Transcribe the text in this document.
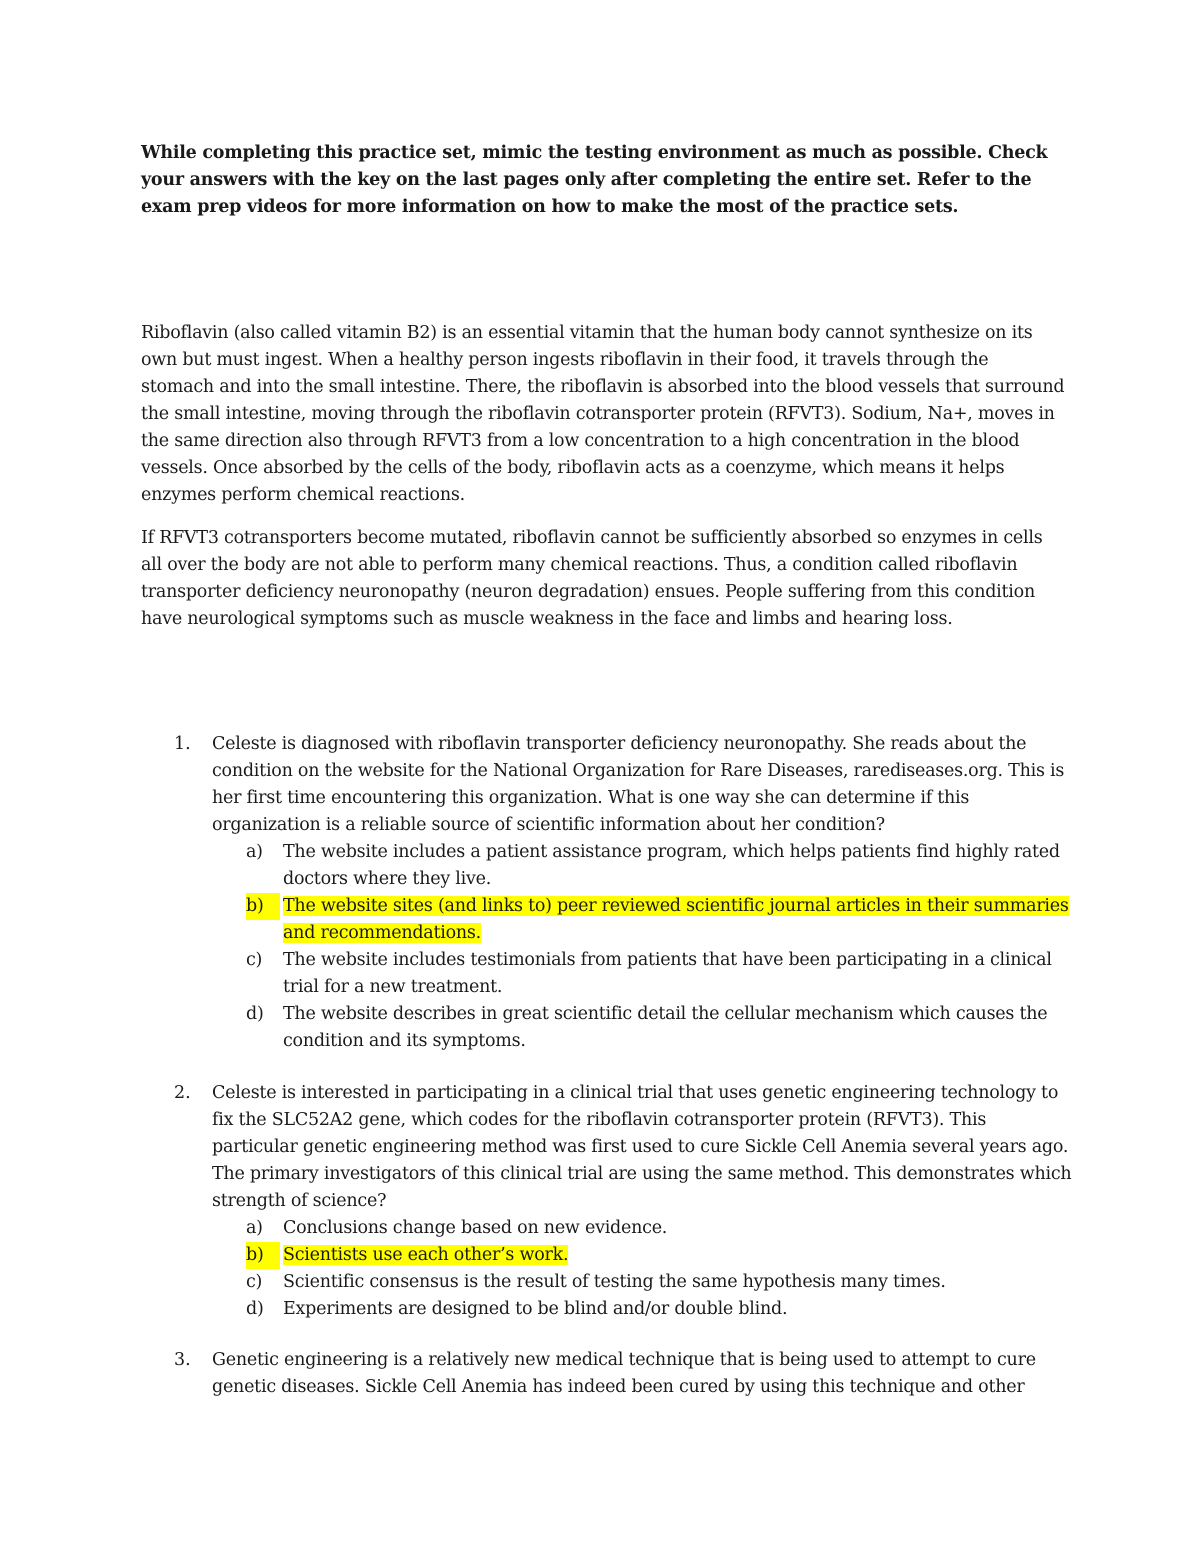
While completing this practice set, mimic the testing environment as much as possible. Check your answers with the key on the last pages only after completing the entire set. Refer to the exam prep videos for more information on how to make the most of the practice sets.

Riboflavin (also called vitamin B2) is an essential vitamin that the human body cannot synthesize on its own but must ingest. When a healthy person ingests riboflavin in their food, it travels through the stomach and into the small intestine. There, the riboflavin is absorbed into the blood vessels that surround the small intestine, moving through the riboflavin cotransporter protein (RFVT3). Sodium, Na+, moves in the same direction also through RFVT3 from a low concentration to a high concentration in the blood vessels. Once absorbed by the cells of the body, riboflavin acts as a coenzyme, which means it helps enzymes perform chemical reactions.

If RFVT3 cotransporters become mutated, riboflavin cannot be sufficiently absorbed so enzymes in cells all over the body are not able to perform many chemical reactions. Thus, a condition called riboflavin transporter deficiency neuronopathy (neuron degradation) ensues. People suffering from this condition have neurological symptoms such as muscle weakness in the face and limbs and hearing loss.

1. Celeste is diagnosed with riboflavin transporter deficiency neuronopathy. She reads about the condition on the website for the National Organization for Rare Diseases, rarediseases.org. This is her first time encountering this organization. What is one way she can determine if this organization is a reliable source of scientific information about her condition?

a) The website includes a patient assistance program, which helps patients find highly rated doctors where they live.
b)	The website sites (and links to) peer reviewed scientific journal articles in their summaries and recommendations.
c) The website includes testimonials from patients that have been participating in a clinical trial for a new treatment.
d) The website describes in great scientific detail the cellular mechanism which causes the condition and its symptoms.
2. Celeste is interested in participating in a clinical trial that uses genetic engineering technology to fix the SLC52A2 gene, which codes for the riboflavin cotransporter protein (RFVT3). This particular genetic engineering method was first used to cure Sickle Cell Anemia several years ago. The primary investigators of this clinical trial are using the same method. This demonstrates which strength of science?

a) Conclusions change based on new evidence.
b)	Scientists use each other’s work.
c) Scientific consensus is the result of testing the same hypothesis many times.
d) Experiments are designed to be blind and/or double blind.
3. Genetic engineering is a relatively new medical technique that is being used to attempt to cure genetic diseases. Sickle Cell Anemia has indeed been cured by using this technique and other
